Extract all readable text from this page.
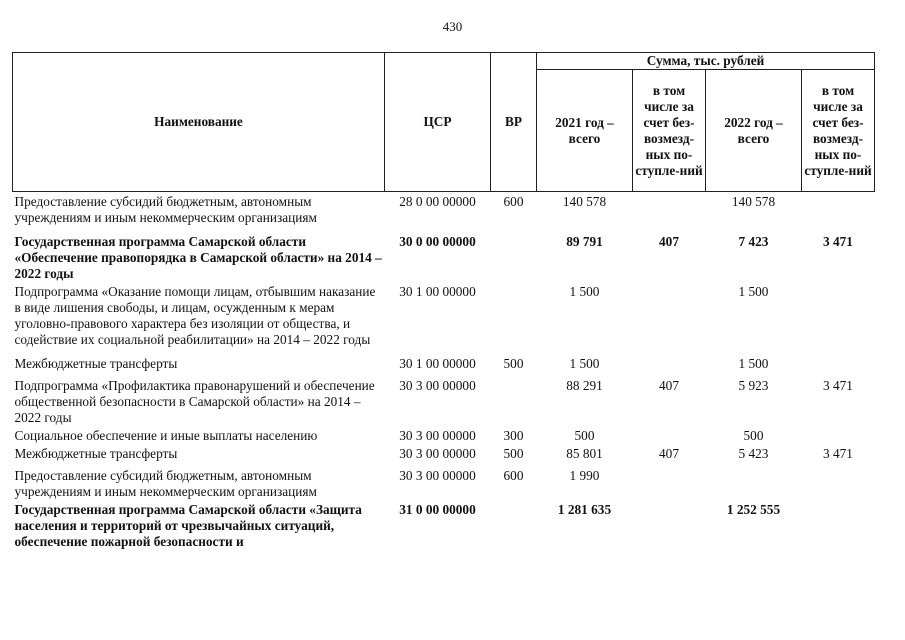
430
Наименование	ЦСР	ВР	Сумма, тыс. рублей			
			2021 год – всего	в том числе за счет без-возмезд-ных по-ступле-ний	2022 год – всего	в том числе за счет без-возмезд-ных по-ступле-ний
Предоставление субсидий бюджетным, автономным учреждениям и иным некоммерческим организациям	28 0 00 00000	600	140 578		140 578	
Государственная программа Самарской области «Обеспечение правопорядка в Самарской области» на 2014 – 2022 годы	30 0 00 00000		89 791	407	7 423	3 471
Подпрограмма «Оказание помощи лицам, отбывшим наказание в виде лишения свободы, и лицам, осужденным к мерам уголовно-правового характера без изоляции от общества, и содействие их социальной реабилитации» на 2014 – 2022 годы	30 1 00 00000		1 500		1 500	
Межбюджетные трансферты	30 1 00 00000	500	1 500		1 500	
Подпрограмма «Профилактика правонарушений и обеспечение общественной безопасности в Самарской области» на 2014 – 2022 годы	30 3 00 00000		88 291	407	5 923	3 471
Социальное обеспечение и иные выплаты населению	30 3 00 00000	300	500		500	
Межбюджетные трансферты	30 3 00 00000	500	85 801	407	5 423	3 471
Предоставление субсидий бюджетным, автономным учреждениям и иным некоммерческим организациям	30 3 00 00000	600	1 990			
Государственная программа Самарской области «Защита населения и территорий от чрезвычайных ситуаций, обеспечение пожарной безопасности и	31 0 00 00000		1 281 635		1 252 555	
